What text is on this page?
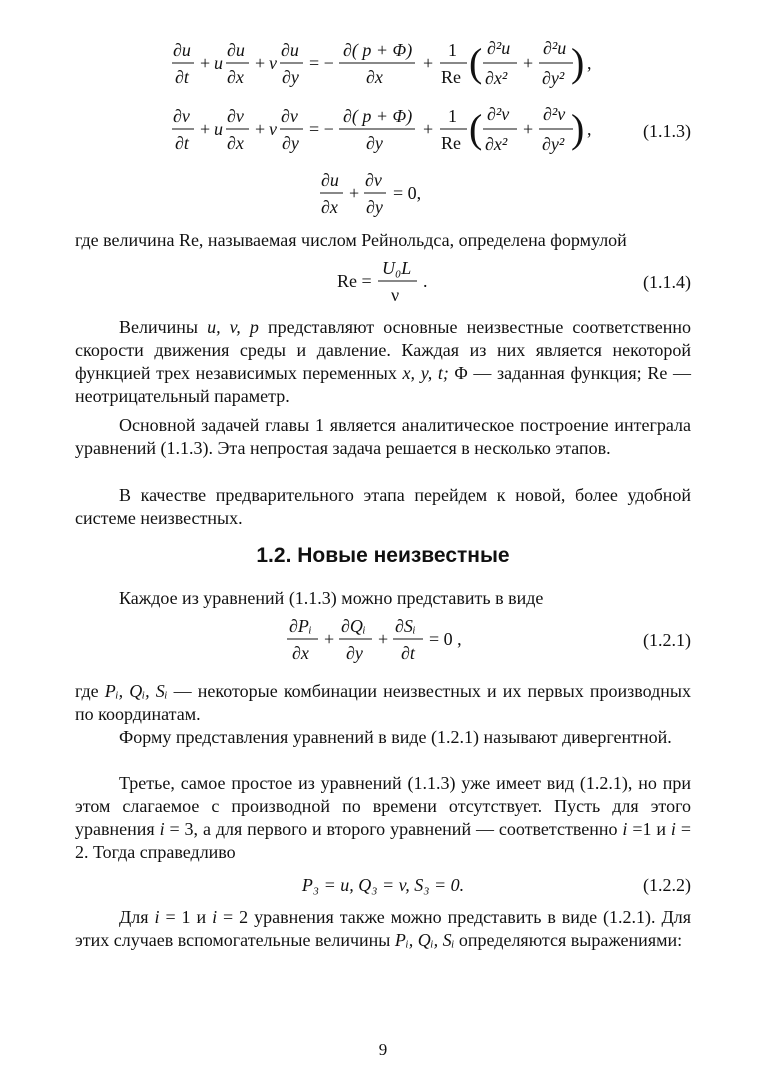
∂u
∂t
+ u
∂u
∂x
+ v
∂u
∂y
= −
∂( p + Φ)
∂x
+
1
Re ( ∂²u
∂x²
+
∂²u
∂y² ) ,
∂v
∂t
+ u
∂v
∂x
+ v
∂v
∂y
= −
∂( p + Φ)
∂y
+
1
Re ( ∂²v
∂x²
+
∂²v
∂y² ) ,	(1.1.3)
∂u
∂x
+
∂v
∂y
= 0,

где величина Re, называемая числом Рейнольдса, определена формулой

Re =
U₀L
ν
.	(1.1.4)

Величины u, v, p представляют основные неизвестные соответственно скорости движения среды и давление. Каждая из них является некоторой функцией трех независимых переменных x, y, t; Φ — заданная функция; Re — неотрицательный параметр.

Основной задачей главы 1 является аналитическое построение интеграла уравнений (1.1.3). Эта непростая задача решается в несколько этапов.

В качестве предварительного этапа перейдем к новой, более удобной системе неизвестных.

1.2. Новые неизвестные

Каждое из уравнений (1.1.3) можно представить в виде

∂Pᵢ
∂x
+
∂Qᵢ
∂y
+
∂Sᵢ
∂t
= 0 ,	(1.2.1)

где Pᵢ, Qᵢ, Sᵢ — некоторые комбинации неизвестных и их первых производных по координатам.

Форму представления уравнений в виде (1.2.1) называют дивергентной.

Третье, самое простое из уравнений (1.1.3) уже имеет вид (1.2.1), но при этом слагаемое с производной по времени отсутствует. Пусть для этого уравнения i = 3, а для первого и второго уравнений — соответственно i =1 и i = 2. Тогда справедливо

P₃ = u, Q₃ = v, S₃ = 0.	(1.2.2)

Для i = 1 и i = 2 уравнения также можно представить в виде (1.2.1). Для этих случаев вспомогательные величины Pᵢ, Qᵢ, Sᵢ определяются выражениями:

9
